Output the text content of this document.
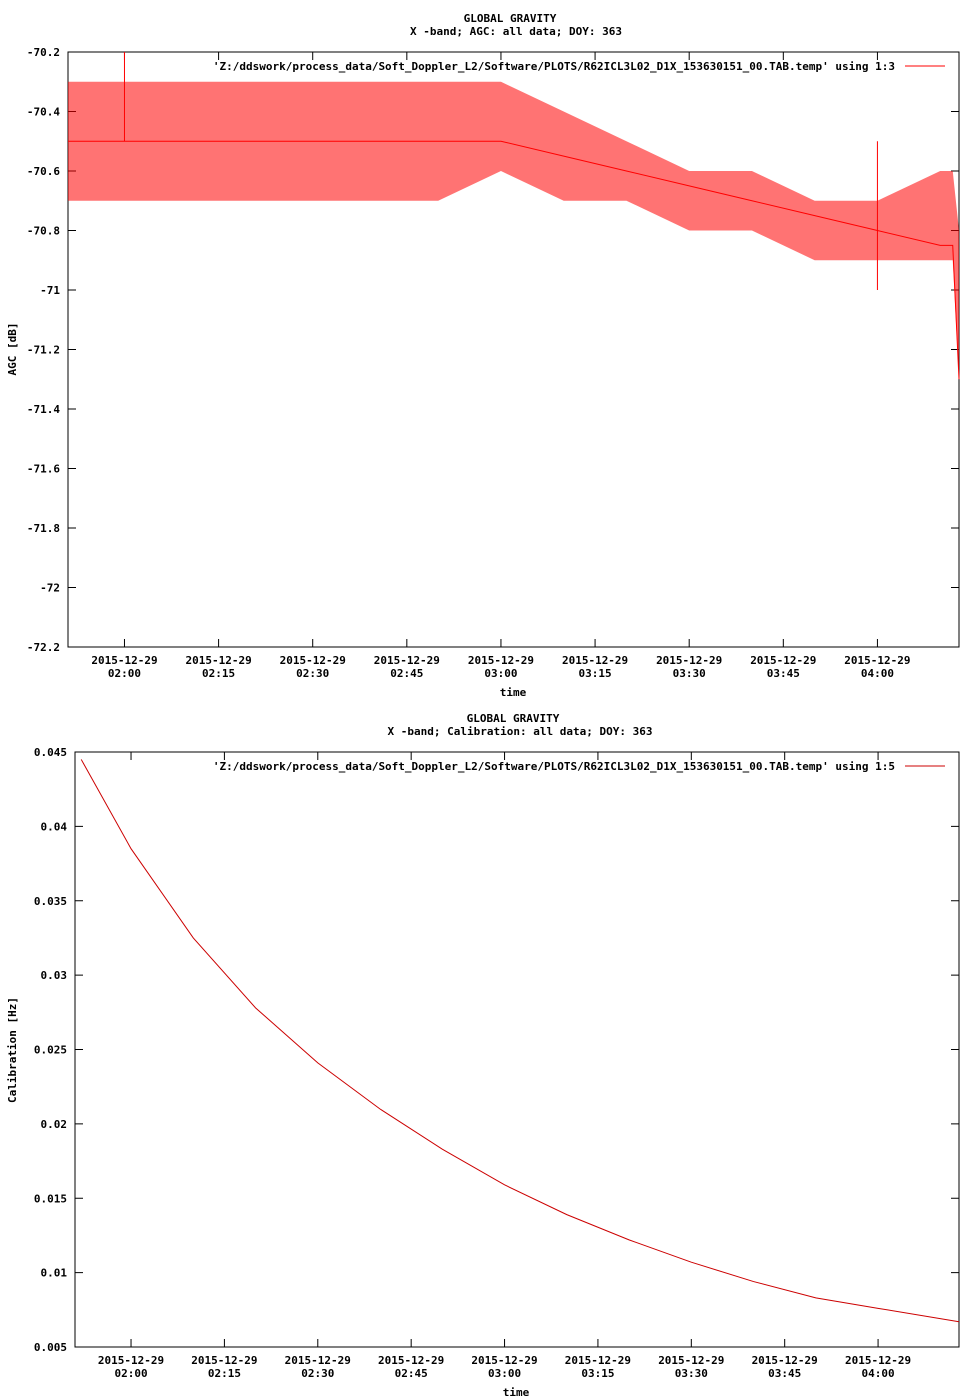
GLOBAL GRAVITY
X -band; AGC: all data; DOY: 363
-70.2
-70.4
-70.6
-70.8
-71
-71.2
-71.4
-71.6
-71.8
-72
-72.2
2015-12-29
02:00
2015-12-29
02:15
2015-12-29
02:30
2015-12-29
02:45
2015-12-29
03:00
2015-12-29
03:15
2015-12-29
03:30
2015-12-29
03:45
2015-12-29
04:00
'Z:/ddswork/process_data/Soft_Doppler_L2/Software/PLOTS/R62ICL3L02_D1X_153630151_00.TAB.temp' using 1:3
AGC [dB]
time
GLOBAL GRAVITY
X -band; Calibration: all data; DOY: 363
0.045
0.04
0.035
0.03
0.025
0.02
0.015
0.01
0.005
2015-12-29
02:00
2015-12-29
02:15
2015-12-29
02:30
2015-12-29
02:45
2015-12-29
03:00
2015-12-29
03:15
2015-12-29
03:30
2015-12-29
03:45
2015-12-29
04:00
'Z:/ddswork/process_data/Soft_Doppler_L2/Software/PLOTS/R62ICL3L02_D1X_153630151_00.TAB.temp' using 1:5
Calibration [Hz]
time
